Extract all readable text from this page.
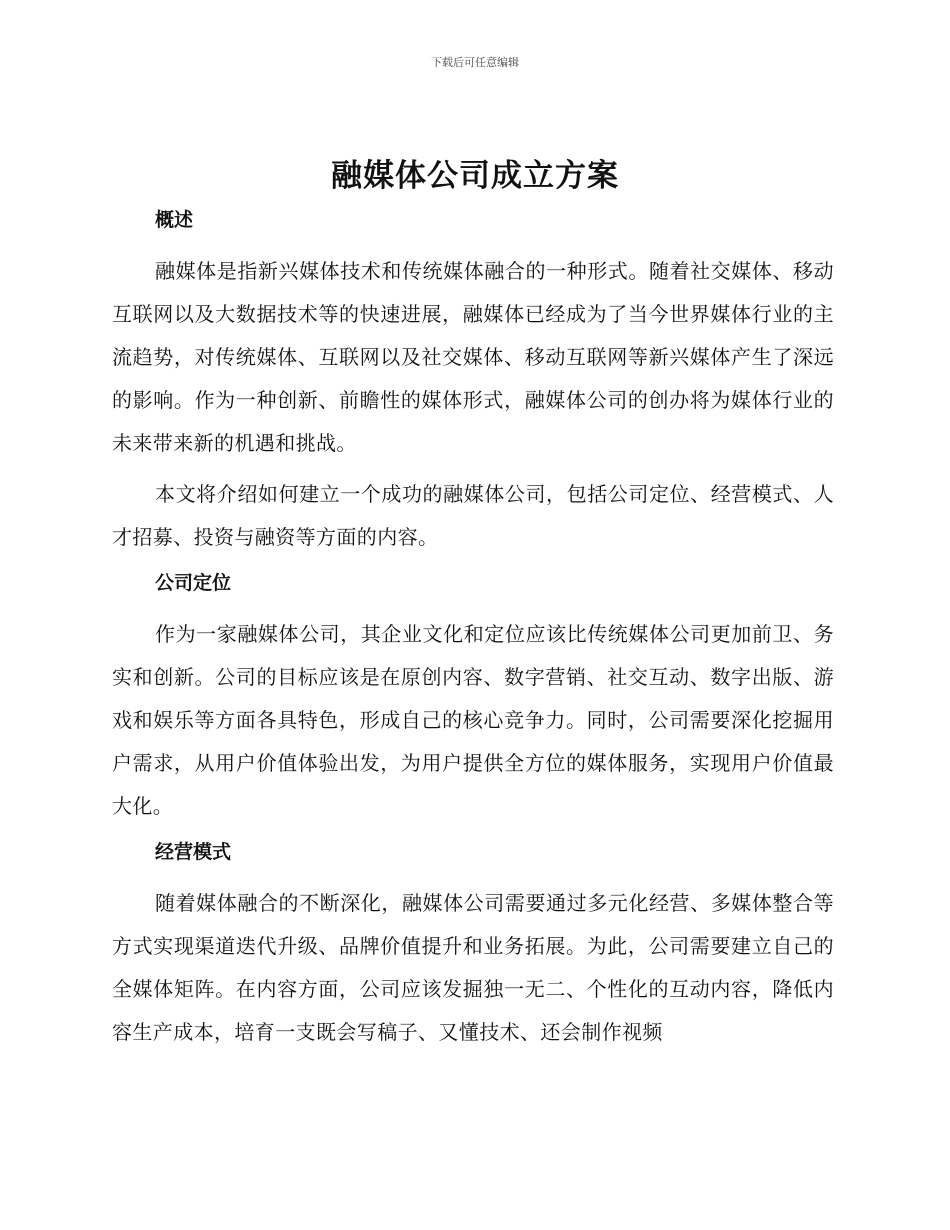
下载后可任意编辑
融媒体公司成立方案
概述

融媒体是指新兴媒体技术和传统媒体融合的一种形式。随着社交媒体、移动互联网以及大数据技术等的快速进展，融媒体已经成为了当今世界媒体行业的主流趋势，对传统媒体、互联网以及社交媒体、移动互联网等新兴媒体产生了深远的影响。作为一种创新、前瞻性的媒体形式，融媒体公司的创办将为媒体行业的未来带来新的机遇和挑战。

本文将介绍如何建立一个成功的融媒体公司，包括公司定位、经营模式、人才招募、投资与融资等方面的内容。

公司定位

作为一家融媒体公司，其企业文化和定位应该比传统媒体公司更加前卫、务实和创新。公司的目标应该是在原创内容、数字营销、社交互动、数字出版、游戏和娱乐等方面各具特色，形成自己的核心竞争力。同时，公司需要深化挖掘用户需求，从用户价值体验出发，为用户提供全方位的媒体服务，实现用户价值最大化。

经营模式

随着媒体融合的不断深化，融媒体公司需要通过多元化经营、多媒体整合等方式实现渠道迭代升级、品牌价值提升和业务拓展。为此，公司需要建立自己的全媒体矩阵。在内容方面，公司应该发掘独一无二、个性化的互动内容，降低内容生产成本，培育一支既会写稿子、又懂技术、还会制作视频
